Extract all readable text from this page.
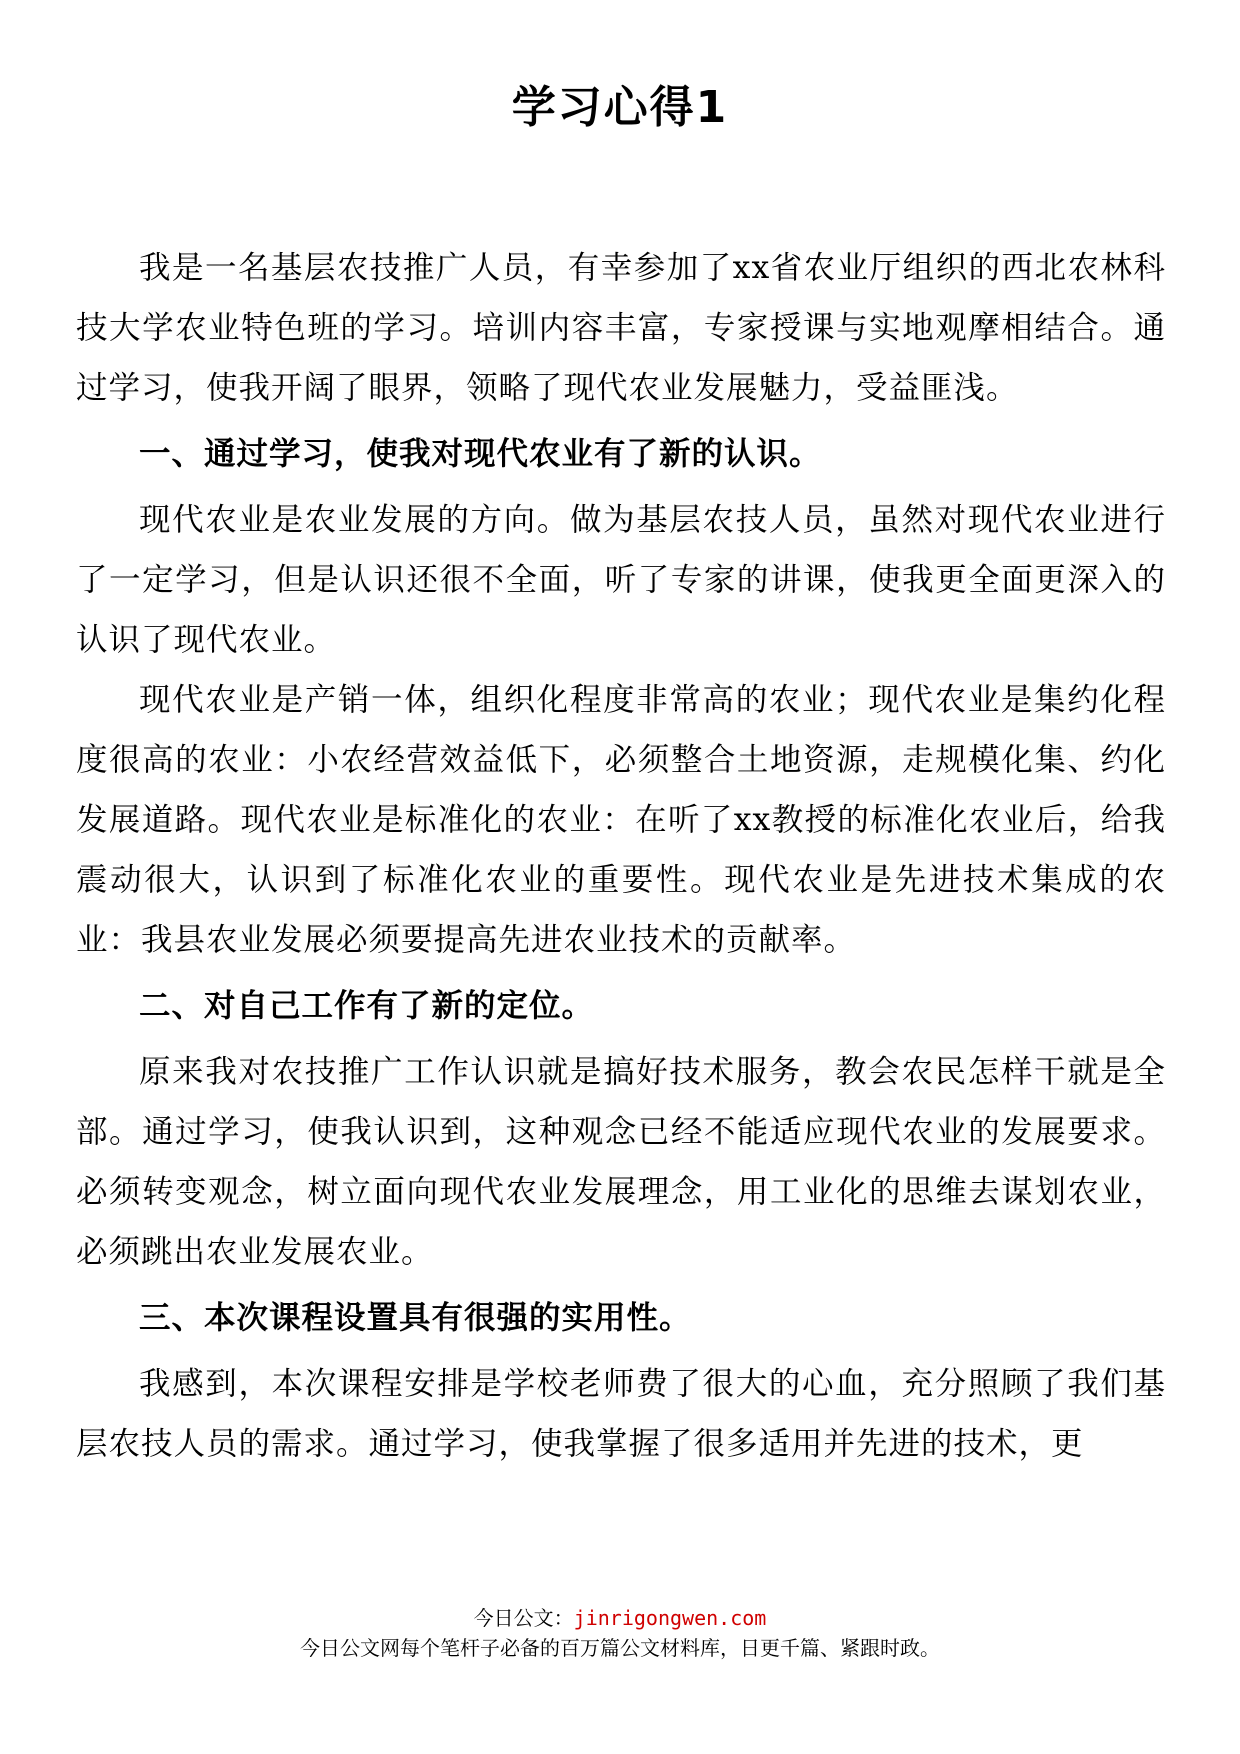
学习心得1

我是一名基层农技推广人员，有幸参加了xx省农业厅组织的西北农林科技大学农业特色班的学习。培训内容丰富，专家授课与实地观摩相结合。通过学习，使我开阔了眼界，领略了现代农业发展魅力，受益匪浅。

一、通过学习，使我对现代农业有了新的认识。

现代农业是农业发展的方向。做为基层农技人员，虽然对现代农业进行了一定学习，但是认识还很不全面，听了专家的讲课，使我更全面更深入的认识了现代农业。

现代农业是产销一体，组织化程度非常高的农业；现代农业是集约化程度很高的农业：小农经营效益低下，必须整合土地资源，走规模化集、约化发展道路。现代农业是标准化的农业：在听了xx教授的标准化农业后，给我震动很大，认识到了标准化农业的重要性。现代农业是先进技术集成的农业：我县农业发展必须要提高先进农业技术的贡献率。

二、对自己工作有了新的定位。

原来我对农技推广工作认识就是搞好技术服务，教会农民怎样干就是全部。通过学习，使我认识到，这种观念已经不能适应现代农业的发展要求。必须转变观念，树立面向现代农业发展理念，用工业化的思维去谋划农业，必须跳出农业发展农业。

三、本次课程设置具有很强的实用性。

我感到，本次课程安排是学校老师费了很大的心血，充分照顾了我们基层农技人员的需求。通过学习，使我掌握了很多适用并先进的技术，更

今日公文：jinrigongwen.com
今日公文网每个笔杆子必备的百万篇公文材料库，日更千篇、紧跟时政。
